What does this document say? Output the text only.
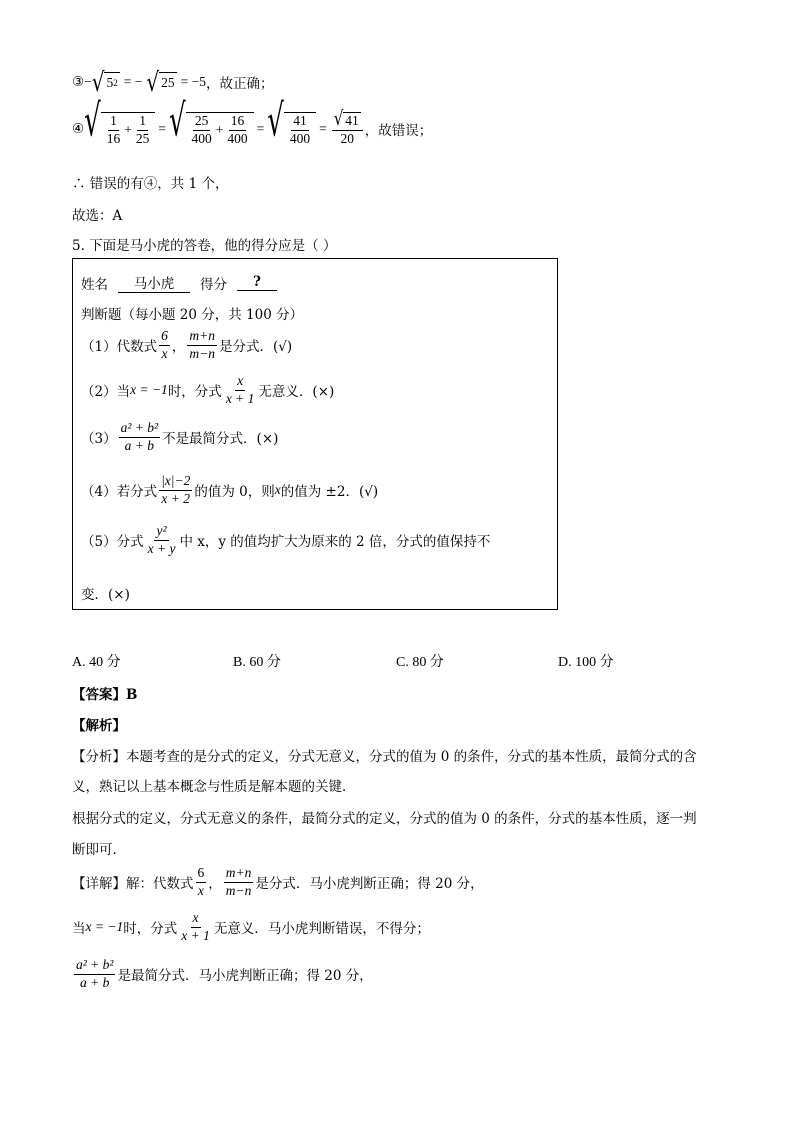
③ − √ 5 2 = − √ 25 = −5 ，故正确；
④ √ $\frac{1}{16} + \frac{1}{25}$ = √ $\frac{25}{400} + \frac{16}{400}$ = √ $\frac{41}{400} = \frac{√ 41}{20}$ ，故错误；
∴ 错误的有④，共 1 个，
故选：A
5. 下面是马小虎的答卷，他的得分应是（ ）
姓名	马小虎	得分	?
判断题（每小题 20 分，共 100 分）
（1）代数式 $\frac{6}{x}$ ， $\frac{m+n}{m-n}$ 是分式．(√)
（2）当 x = −1 时，分式 $\frac{x}{x + 1}$ 无意义．(×)
$(3) \frac{\text{a² + b²}}{a + b}$ 不是最简分式．(×)
（4）若分式 $\frac{|x|-2}{x + 2}$ 的值为 0，则 x 的值为 ±2．(√)
（5）分式 $\frac{\text{y²}}{x + y}$ 中 x，y 的值均扩大为原来的 2 倍，分式的值保持不
变．(×)
A. 40 分	B. 60 分	C. 80 分	D. 100 分
【答案】B
【解析】
【分析】本题考查的是分式的定义，分式无意义，分式的值为 0 的条件，分式的基本性质，最简分式的含
义，熟记以上基本概念与性质是解本题的关键．
根据分式的定义，分式无意义的条件，最简分式的定义，分式的值为 0 的条件，分式的基本性质，逐一判
断即可．
【详解】解：代数式 $\frac{6}{x}$ ， $\frac{m+n}{m-n}$ 是分式．马小虎判断正确；得 20 分，
当 x = −1 时，分式 $\frac{x}{x + 1}$ 无意义．马小虎判断错误，不得分；
$\frac{\text{a² + b²}}{a + b}$ 是最简分式．马小虎判断正确；得 20 分，
